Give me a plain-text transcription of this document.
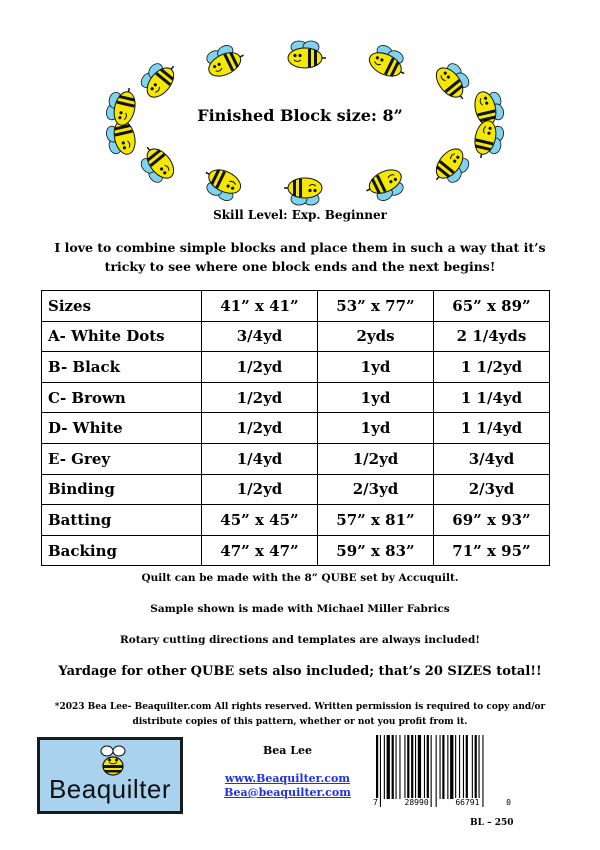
Finished Block size: 8”
Skill Level: Exp. Beginner
I love to combine simple blocks and place them in such a way that it’s tricky to see where one block ends and the next begins!
Sizes	41” x 41”	53” x 77”	65” x 89”
A- White Dots	3/4yd	2yds	2 1/4yds
B- Black	1/2yd	1yd	1 1/2yd
C- Brown	1/2yd	1yd	1 1/4yd
D- White	1/2yd	1yd	1 1/4yd
E- Grey	1/4yd	1/2yd	3/4yd
Binding	1/2yd	2/3yd	2/3yd
Batting	45” x 45”	57” x 81”	69” x 93”
Backing	47” x 47”	59” x 83”	71” x 95”
Quilt can be made with the 8” QUBE set by Accuquilt.
Sample shown is made with Michael Miller Fabrics
Rotary cutting directions and templates are always included!
Yardage for other QUBE sets also included; that’s 20 SIZES total!!
*2023 Bea Lee- Beaquilter.com All rights reserved. Written permission is required to copy and/or distribute copies of this pattern, whether or not you profit from it.
Beaquilter
Bea Lee
www.Beaquilter.com
Bea@beaquilter.com
7	28990	66791	0
BL – 250
